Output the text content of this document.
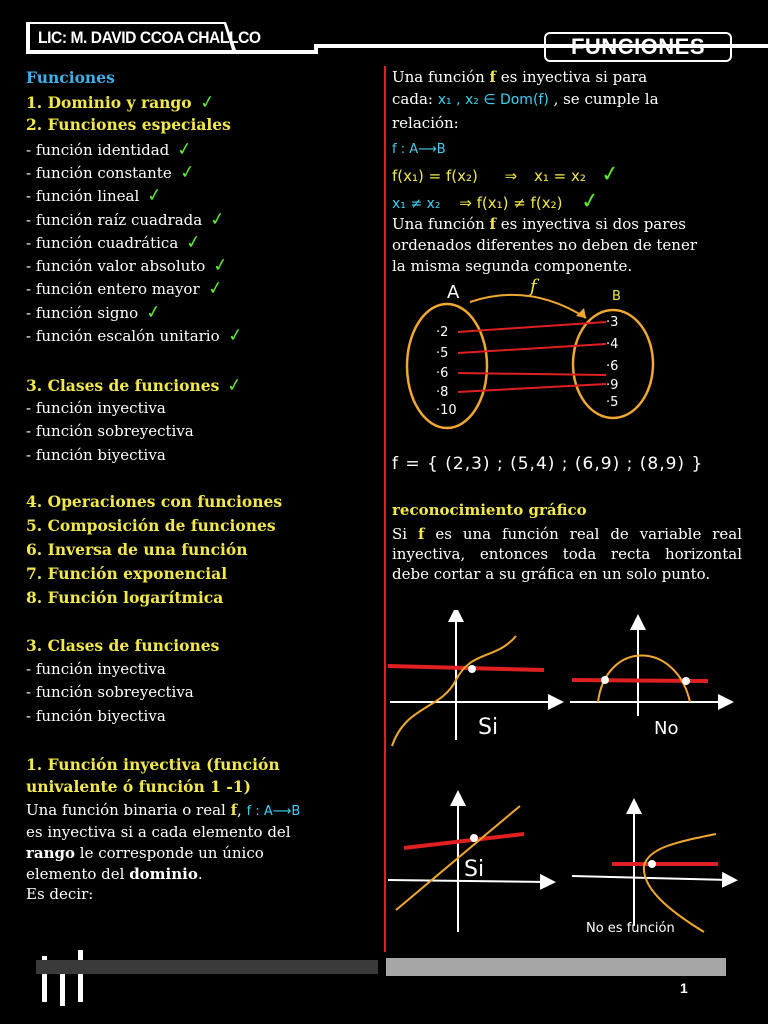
LIC: M. DAVID CCOA CHALLCO	FUNCIONES
Funciones
1. Dominio y rango ✓
2. Funciones especiales
- función identidad ✓
- función constante ✓
- función lineal ✓
- función raíz cuadrada ✓
- función cuadrática ✓
- función valor absoluto ✓
- función entero mayor ✓
- función signo ✓
- función escalón unitario ✓
3. Clases de funciones ✓
- función inyectiva
- función sobreyectiva
- función biyectiva
4. Operaciones con funciones
5. Composición de funciones
6. Inversa de una función
7. Función exponencial
8. Función logarítmica
3. Clases de funciones
- función inyectiva
- función sobreyectiva
- función biyectiva
1. Función inyectiva (función
univalente ó función 1 -1)
Una función binaria o real f, f : A⟶B
es inyectiva si a cada elemento del
rango le corresponde un único
elemento del dominio.
Es decir:
Una función f es inyectiva si para
cada: x₁ , x₂ ∈ Dom(f) , se cumple la
relación:
f : A⟶B
f(x₁) = f(x₂) ⇒ x₁ = x₂ ✓
x₁ ≠ x₂ ⇒ f(x₁) ≠ f(x₂) ✓
Una función f es inyectiva si dos pares
ordenados diferentes no deben de tener
la misma segunda componente.
A	B
f
·2
·5
·6
·8
·10
·3
·4
·6
·9
·5
f = { (2,3) ; (5,4) ; (6,9) ; (8,9) }
reconocimiento gráfico
Si f es una función real de variable real inyectiva, entonces toda recta horizontal debe cortar a su gráfica en un solo punto.
Si	No
Si
No es función
1
